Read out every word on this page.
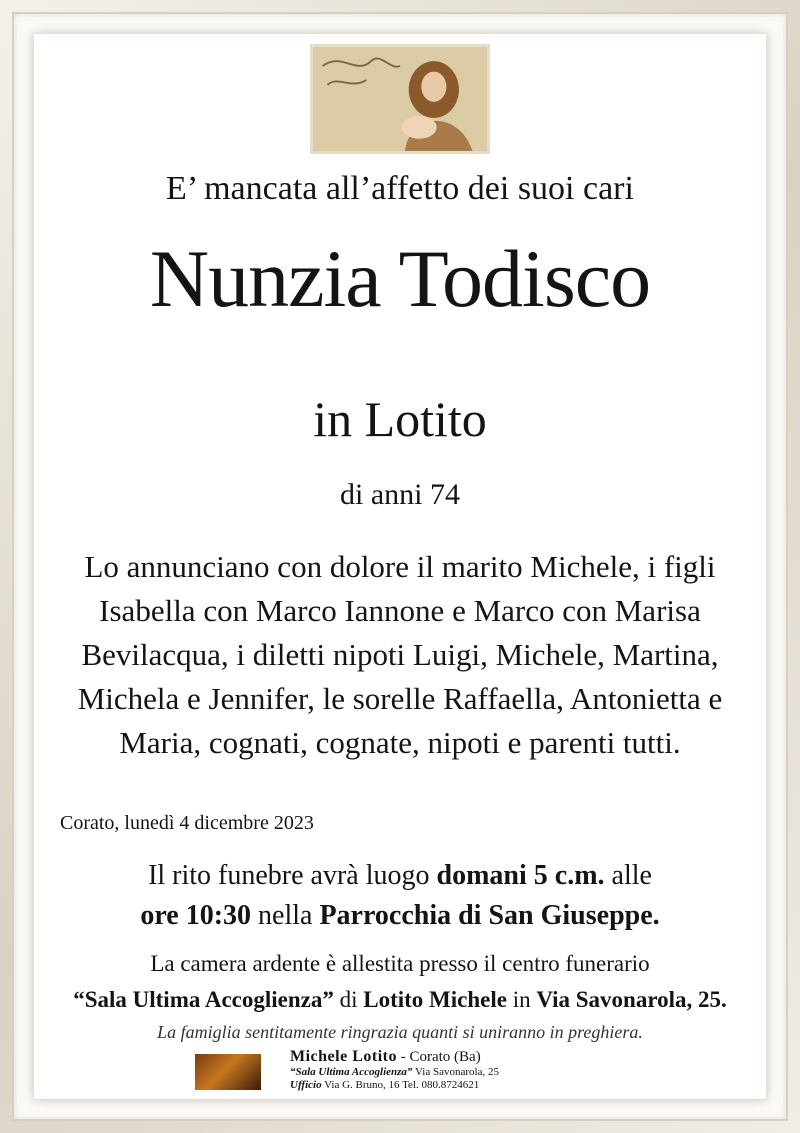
E’ mancata all’affetto dei suoi cari
Nunzia Todisco
in Lotito
di anni 74
Lo annunciano con dolore il marito Michele, i figli Isabella con Marco Iannone e Marco con Marisa Bevilacqua, i diletti nipoti Luigi, Michele, Martina, Michela e Jennifer, le sorelle Raffaella, Antonietta e Maria, cognati, cognate, nipoti e parenti tutti.
Corato, lunedì 4 dicembre 2023
Il rito funebre avrà luogo domani 5 c.m. alle
ore 10:30 nella Parrocchia di San Giuseppe.
La camera ardente è allestita presso il centro funerario
“Sala Ultima Accoglienza” di Lotito Michele in Via Savonarola, 25.
La famiglia sentitamente ringrazia quanti si uniranno in preghiera.
Michele Lotito - Corato (Ba)
“Sala Ultima Accoglienza” Via Savonarola, 25
Ufficio Via G. Bruno, 16 Tel. 080.8724621
